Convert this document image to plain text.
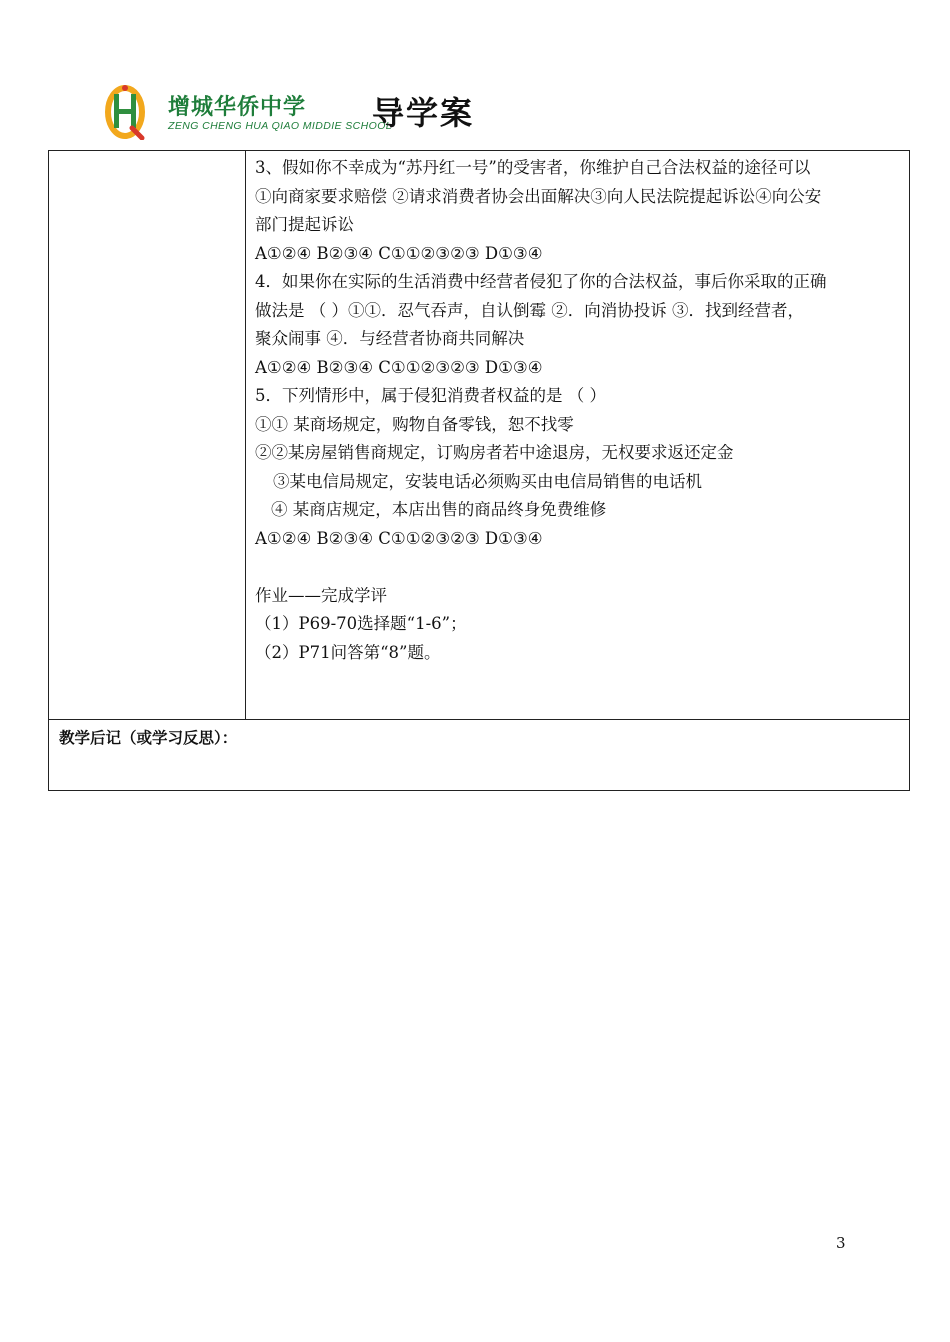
增城华侨中学
ZENG CHENG HUA QIAO MIDDIE SCHOOL
导学案

3、假如你不幸成为“苏丹红一号”的受害者，你维护自己合法权益的途径可以
①向商家要求赔偿 ②请求消费者协会出面解决③向人民法院提起诉讼④向公安
部门提起诉讼
A①②④ B②③④ C①①②③②③ D①③④
4．如果你在实际的生活消费中经营者侵犯了你的合法权益，事后你采取的正确
做法是 （ ）①①．忍气吞声，自认倒霉 ②．向消协投诉 ③．找到经营者，
聚众闹事 ④．与经营者协商共同解决
A①②④ B②③④ C①①②③②③ D①③④
5．下列情形中，属于侵犯消费者权益的是 （ ）
①① 某商场规定，购物自备零钱，恕不找零
②②某房屋销售商规定，订购房者若中途退房，无权要求返还定金
③某电信局规定，安装电话必须购买由电信局销售的电话机
④ 某商店规定，本店出售的商品终身免费维修
A①②④ B②③④ C①①②③②③ D①③④
作业——完成学评
（1）P69-70选择题“1-6”；
（2）P71问答第“8”题。

教学后记（或学习反思）：
3
